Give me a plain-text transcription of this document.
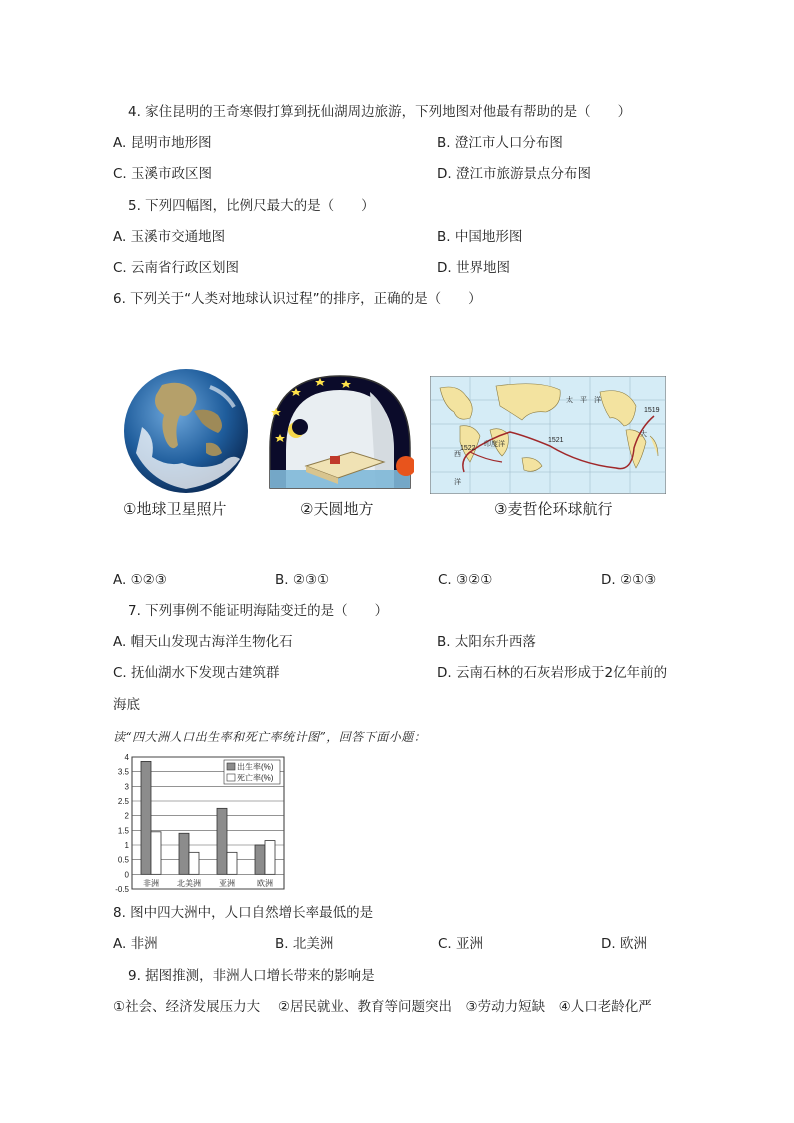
4. 家住昆明的王奇寒假打算到抚仙湖周边旅游，下列地图对他最有帮助的是（　　）
A. 昆明市地形图	B. 澄江市人口分布图
C. 玉溪市政区图	D. 澄江市旅游景点分布图
5. 下列四幅图，比例尺最大的是（　　）
A. 玉溪市交通地图	B. 中国地形图
C. 云南省行政区划图	D. 世界地图
6. 下列关于“人类对地球认识过程”的排序，正确的是（　　）
①地球卫星照片	②天圆地方
太 平 洋
大
西
洋
印度洋
1519
1521
1522
③麦哲伦环球航行
A. ①②③	B. ②③①	C. ③②①	D. ②①③
7. 下列事例不能证明海陆变迁的是（　　）
A. 帽天山发现古海洋生物化石	B. 太阳东升西落
C. 抚仙湖水下发现古建筑群	D. 云南石林的石灰岩形成于2亿年前的
海底
读“四大洲人口出生率和死亡率统计图”，回答下面小题：
4
3.5
3
2.5
2
1.5
1
0.5
0
-0.5
非洲 北美洲 亚洲	欧洲
出生率(%)
死亡率(%)
8. 图中四大洲中，人口自然增长率最低的是
A. 非洲	B. 北美洲	C. 亚洲	D. 欧洲
9. 据图推测，非洲人口增长带来的影响是
①社会、经济发展压力大　 ②居民就业、教育等问题突出　③劳动力短缺　④人口老龄化严
